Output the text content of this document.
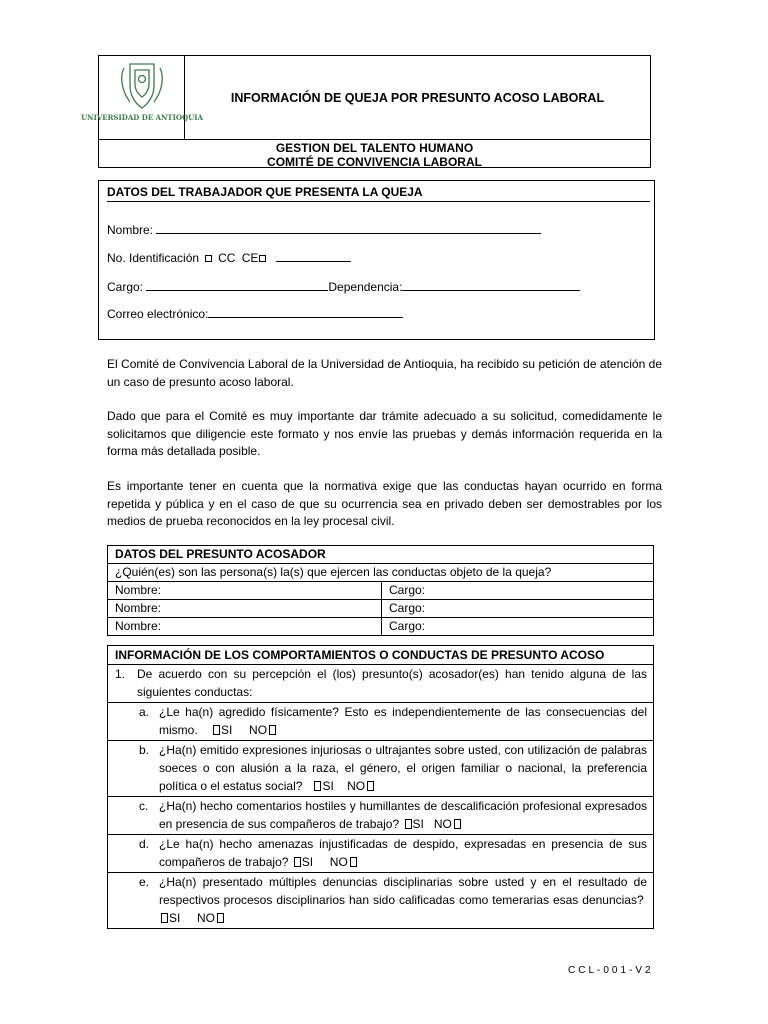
UNIVERSIDAD DE ANTIOQUIA
INFORMACIÓN DE QUEJA POR PRESUNTO ACOSO LABORAL
GESTION DEL TALENTO HUMANO
COMITÉ DE CONVIVENCIA LABORAL
DATOS DEL TRABAJADOR QUE PRESENTA LA QUEJA
Nombre:
No. Identificación CC CE
Cargo:	Dependencia:
Correo electrónico:
El Comité de Convivencia Laboral de la Universidad de Antioquia, ha recibido su petición de atención de un caso de presunto acoso laboral.
Dado que para el Comité es muy importante dar trámite adecuado a su solicitud, comedidamente le solicitamos que diligencie este formato y nos envíe las pruebas y demás información requerida en la forma más detallada posible.
Es importante tener en cuenta que la normativa exige que las conductas hayan ocurrido en forma repetida y pública y en el caso de que su ocurrencia sea en privado deben ser demostrables por los medios de prueba reconocidos en la ley procesal civil.
DATOS DEL PRESUNTO ACOSADOR	
¿Quién(es) son las persona(s) la(s) que ejercen las conductas objeto de la queja?	
Nombre:	Cargo:
Nombre:	Cargo:
Nombre:	Cargo:
INFORMACIÓN DE LOS COMPORTAMIENTOS O CONDUCTAS DE PRESUNTO ACOSO

1. De acuerdo con su percepción el (los) presunto(s) acosador(es) han tenido alguna de las siguientes conductas:

a. ¿Le ha(n) agredido físicamente? Esto es independientemente de las consecuencias del mismo. SI NO

b. ¿Ha(n) emitido expresiones injuriosas o ultrajantes sobre usted, con utilización de palabras soeces o con alusión a la raza, el género, el origen familiar o nacional, la preferencia política o el estatus social? SI NO

c. ¿Ha(n) hecho comentarios hostiles y humillantes de descalificación profesional expresados en presencia de sus compañeros de trabajo? SI NO

d. ¿Le ha(n) hecho amenazas injustificadas de despido, expresadas en presencia de sus compañeros de trabajo? SI NO

e. ¿Ha(n) presentado múltiples denuncias disciplinarias sobre usted y en el resultado de respectivos procesos disciplinarios han sido calificadas como temerarias esas denuncias? SI NO
CCL-001-V2
